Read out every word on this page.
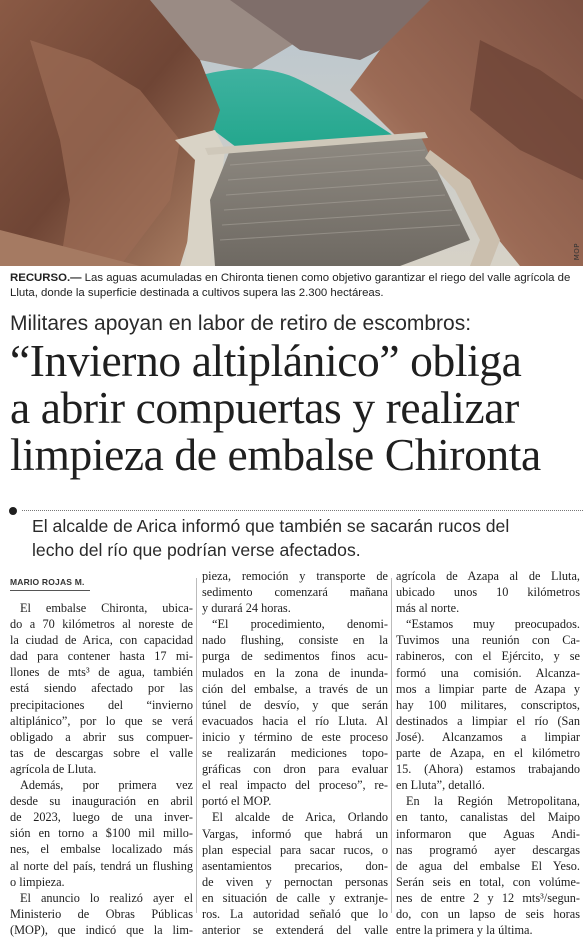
MOP
RECURSO.— Las aguas acumuladas en Chironta tienen como objetivo garantizar el riego del valle agrícola de Lluta, donde la superficie destinada a cultivos supera las 2.300 hectáreas.
Militares apoyan en labor de retiro de escombros:
“Invierno altiplánico” obliga
a abrir compuertas y realizar
limpieza de embalse Chironta
El alcalde de Arica informó que también se sacarán rucos del
lecho del río que podrían verse afectados.
MARIO ROJAS M.
El embalse Chironta, ubica-
do a 70 kilómetros al noreste de
la ciudad de Arica, con capacidad
dad para contener hasta 17 mi-
llones de mts³ de agua, también
está siendo afectado por las
precipitaciones del “invierno
altiplánico”, por lo que se verá
obligado a abrir sus compuer-
tas de descargas sobre el valle
agrícola de Lluta.
Además, por primera vez
desde su inauguración en abril
de 2023, luego de una inver-
sión en torno a $100 mil millo-
nes, el embalse localizado más
al norte del país, tendrá un flushing
o limpieza.
El anuncio lo realizó ayer el
Ministerio de Obras Públicas
(MOP), que indicó que la lim-
pieza, remoción y transporte de
sedimento comenzará mañana
y durará 24 horas.
“El procedimiento, denomi-
nado flushing, consiste en la
purga de sedimentos finos acu-
mulados en la zona de inunda-
ción del embalse, a través de un
túnel de desvío, y que serán
evacuados hacia el río Lluta. Al
inicio y término de este proceso
se realizarán mediciones topo-
gráficas con dron para evaluar
el real impacto del proceso”, re-
portó el MOP.
El alcalde de Arica, Orlando
Vargas, informó que habrá un
plan especial para sacar rucos, o
asentamientos precarios, don-
de viven y pernoctan personas
en situación de calle y extranje-
ros. La autoridad señaló que lo
anterior se extenderá del valle
agrícola de Azapa al de Lluta,
ubicado unos 10 kilómetros
más al norte.
“Estamos muy preocupados.
Tuvimos una reunión con Ca-
rabineros, con el Ejército, y se
formó una comisión. Alcanza-
mos a limpiar parte de Azapa y
hay 100 militares, conscriptos,
destinados a limpiar el río (San
José). Alcanzamos a limpiar
parte de Azapa, en el kilómetro
15. (Ahora) estamos trabajando
en Lluta”, detalló.
En la Región Metropolitana,
en tanto, canalistas del Maipo
informaron que Aguas Andi-
nas programó ayer descargas
de agua del embalse El Yeso.
Serán seis en total, con volúme-
nes de entre 2 y 12 mts³/segun-
do, con un lapso de seis horas
entre la primera y la última.
